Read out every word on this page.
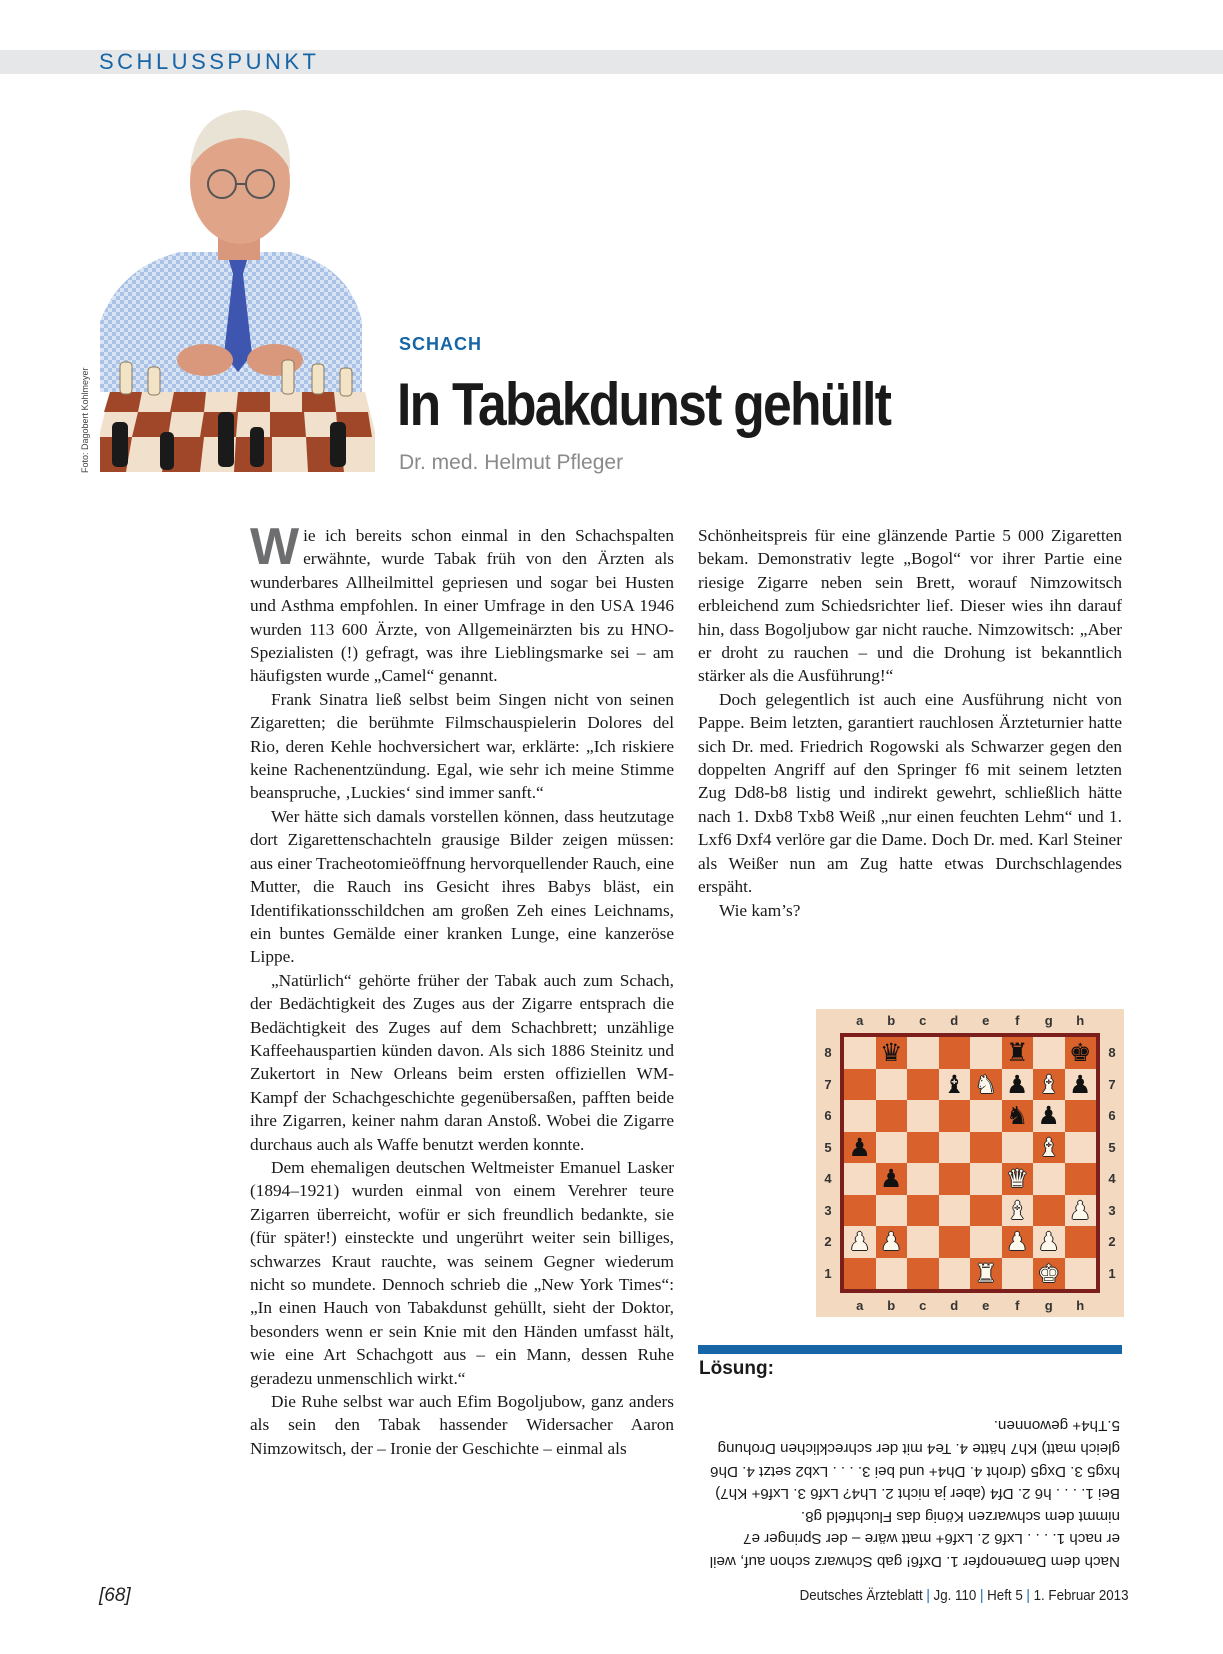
SCHLUSSPUNKT
Foto: Dagobert Kohlmeyer
SCHACH
In Tabakdunst gehüllt
Dr. med. Helmut Pfleger

Wie ich bereits schon einmal in den Schachspalten erwähnte, wurde Tabak früh von den Ärzten als wunderbares Allheilmittel gepriesen und sogar bei Husten und Asthma empfohlen. In einer Umfrage in den USA 1946 wurden 113 600 Ärzte, von Allgemeinärzten bis zu HNO-Spezialisten (!) gefragt, was ihre Lieblingsmarke sei – am häufigsten wurde „Camel“ genannt.

Frank Sinatra ließ selbst beim Singen nicht von seinen Zigaretten; die berühmte Filmschauspielerin Dolores del Rio, deren Kehle hochversichert war, erklärte: „Ich riskiere keine Rachenentzündung. Egal, wie sehr ich meine Stimme beanspruche, ‚Luckies‘ sind immer sanft.“

Wer hätte sich damals vorstellen können, dass heutzutage dort Zigarettenschachteln grausige Bilder zeigen müssen: aus einer Tracheotomieöffnung hervorquellender Rauch, eine Mutter, die Rauch ins Gesicht ihres Babys bläst, ein Identifikationsschildchen am großen Zeh eines Leichnams, ein buntes Gemälde einer kranken Lunge, eine kanzeröse Lippe.

„Natürlich“ gehörte früher der Tabak auch zum Schach, der Bedächtigkeit des Zuges aus der Zigarre entsprach die Bedächtigkeit des Zuges auf dem Schachbrett; unzählige Kaffeehauspartien künden davon. Als sich 1886 Steinitz und Zukertort in New Orleans beim ersten offiziellen WM-Kampf der Schachgeschichte gegenübersaßen, pafften beide ihre Zigarren, keiner nahm daran Anstoß. Wobei die Zigarre durchaus auch als Waffe benutzt werden konnte.

Dem ehemaligen deutschen Weltmeister Emanuel Lasker (1894–1921) wurden einmal von einem Verehrer teure Zigarren überreicht, wofür er sich freundlich bedankte, sie (für später!) einsteckte und ungerührt weiter sein billiges, schwarzes Kraut rauchte, was seinem Gegner wiederum nicht so mundete. Dennoch schrieb die „New York Times“: „In einen Hauch von Tabakdunst gehüllt, sieht der Doktor, besonders wenn er sein Knie mit den Händen umfasst hält, wie eine Art Schachgott aus – ein Mann, dessen Ruhe geradezu unmenschlich wirkt.“

Die Ruhe selbst war auch Efim Bogoljubow, ganz anders als sein den Tabak hassender Widersacher Aaron Nimzowitsch, der – Ironie der Geschichte – einmal als

Schönheitspreis für eine glänzende Partie 5 000 Zigaretten bekam. Demonstrativ legte „Bogol“ vor ihrer Partie eine riesige Zigarre neben sein Brett, worauf Nimzowitsch erbleichend zum Schiedsrichter lief. Dieser wies ihn darauf hin, dass Bogoljubow gar nicht rauche. Nimzowitsch: „Aber er droht zu rauchen – und die Drohung ist bekanntlich stärker als die Ausführung!“

Doch gelegentlich ist auch eine Ausführung nicht von Pappe. Beim letzten, garantiert rauchlosen Ärzteturnier hatte sich Dr. med. Friedrich Rogowski als Schwarzer gegen den doppelten Angriff auf den Springer f6 mit seinem letzten Zug Dd8-b8 listig und indirekt gewehrt, schließlich hätte nach 1. Dxb8 Txb8 Weiß „nur einen feuchten Lehm“ und 1. Lxf6 Dxf4 verlöre gar die Dame. Doch Dr. med. Karl Steiner als Weißer nun am Zug hatte etwas Durchschlagendes erspäht.

Wie kam’s?

♛	♜ ♚
♝ ♞ ♟ ♝ ♟
♞ ♟
♟	♝
♟	♛
♝ ♟
♟ ♟	♟ ♟
♜ ♚
a
a
b
b
c
c
d
d
e
e
f
f
g
g
h
h
8	8
7	7
6	6
5	5
4	4
3	3
2	2
1	1
Lösung:

Nach dem Damenopfer 1. Dxf6! gab Schwarz schon auf, weil er nach 1. . . . Lxf6 2. Lxf6+ matt wäre – der Springer e7 nimmt dem schwarzen König das Fluchtfeld g8.

Bei 1. . . . h6 2. Df4 (aber ja nicht 2. Lh4? Lxf6 3. Lxf6+ Kh7) hxg5 3. Dxg5 (droht 4. Dh4+ und bei 3. . . . Lxb2 setzt 4. Dh6 gleich matt) Kh7 hätte 4. Te4 mit der schrecklichen Drohung 5.Th4+ gewonnen.

[68]	Deutsches Ärzteblatt | Jg. 110 | Heft 5 | 1. Februar 2013
